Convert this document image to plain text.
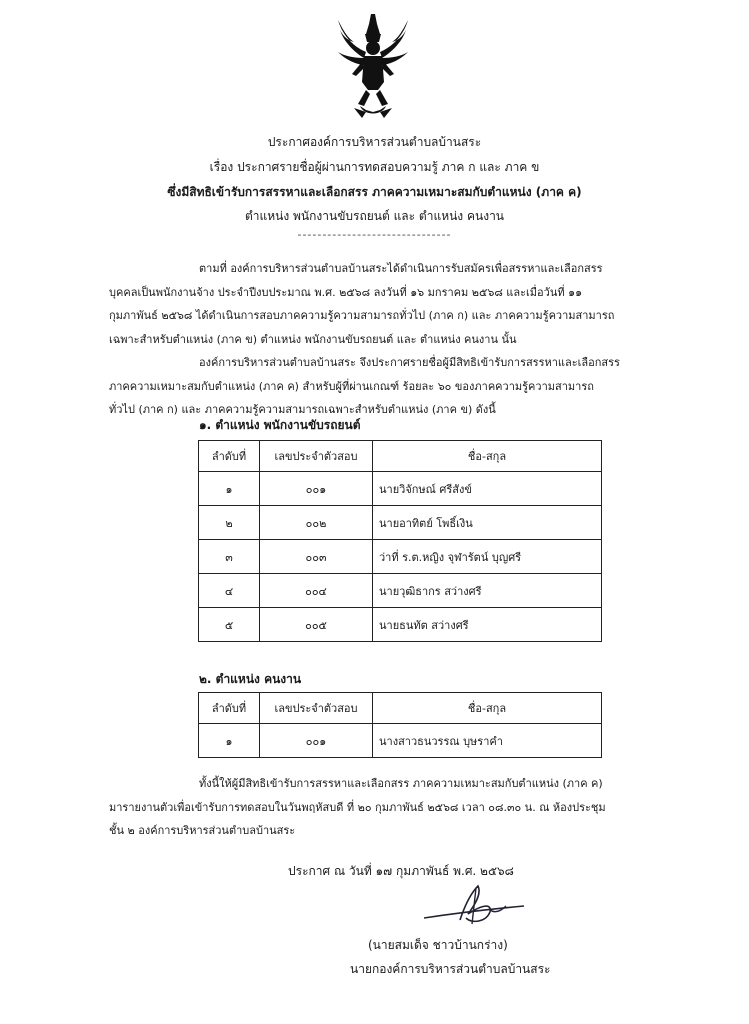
ประกาศองค์การบริหารส่วนตำบลบ้านสระ
เรื่อง ประกาศรายชื่อผู้ผ่านการทดสอบความรู้ ภาค ก และ ภาค ข
ซึ่งมีสิทธิเข้ารับการสรรหาและเลือกสรร ภาคความเหมาะสมกับตำแหน่ง (ภาค ค)
ตำแหน่ง พนักงานขับรถยนต์ และ ตำแหน่ง คนงาน
-------------------------------
ตามที่ องค์การบริหารส่วนตำบลบ้านสระได้ดำเนินการรับสมัครเพื่อสรรหาและเลือกสรร
บุคคลเป็นพนักงานจ้าง ประจำปีงบประมาณ พ.ศ. ๒๕๖๘ ลงวันที่ ๑๖ มกราคม ๒๕๖๘ และเมื่อวันที่ ๑๑
กุมภาพันธ์ ๒๕๖๘ ได้ดำเนินการสอบภาคความรู้ความสามารถทั่วไป (ภาค ก) และ ภาคความรู้ความสามารถ
เฉพาะสำหรับตำแหน่ง (ภาค ข) ตำแหน่ง พนักงานขับรถยนต์ และ ตำแหน่ง คนงาน นั้น
องค์การบริหารส่วนตำบลบ้านสระ จึงประกาศรายชื่อผู้มีสิทธิเข้ารับการสรรหาและเลือกสรร
ภาคความเหมาะสมกับตำแหน่ง (ภาค ค) สำหรับผู้ที่ผ่านเกณฑ์ ร้อยละ ๖๐ ของภาคความรู้ความสามารถ
ทั่วไป (ภาค ก) และ ภาคความรู้ความสามารถเฉพาะสำหรับตำแหน่ง (ภาค ข) ดังนี้
๑. ตำแหน่ง พนักงานขับรถยนต์
ลำดับที่	เลขประจำตัวสอบ	ชื่อ-สกุล
๑	๐๐๑	นายวิจักษณ์ ศรีสังข์
๒	๐๐๒	นายอาทิตย์ โพธิ์เงิน
๓	๐๐๓	ว่าที่ ร.ต.หญิง จุฬารัตน์ บุญศรี
๔	๐๐๔	นายวุฒิธากร สว่างศรี
๕	๐๐๕	นายธนทัต สว่างศรี
๒. ตำแหน่ง คนงาน
ลำดับที่	เลขประจำตัวสอบ	ชื่อ-สกุล
๑	๐๐๑	นางสาวธนวรรณ บุษราคำ
ทั้งนี้ให้ผู้มีสิทธิเข้ารับการสรรหาและเลือกสรร ภาคความเหมาะสมกับตำแหน่ง (ภาค ค)
มารายงานตัวเพื่อเข้ารับการทดสอบในวันพฤหัสบดี ที่ ๒๐ กุมภาพันธ์ ๒๕๖๘ เวลา ๐๘.๓๐ น. ณ ห้องประชุม
ชั้น ๒ องค์การบริหารส่วนตำบลบ้านสระ
ประกาศ ณ วันที่ ๑๗ กุมภาพันธ์ พ.ศ. ๒๕๖๘
(นายสมเด็จ ชาวบ้านกร่าง)
นายกองค์การบริหารส่วนตำบลบ้านสระ
